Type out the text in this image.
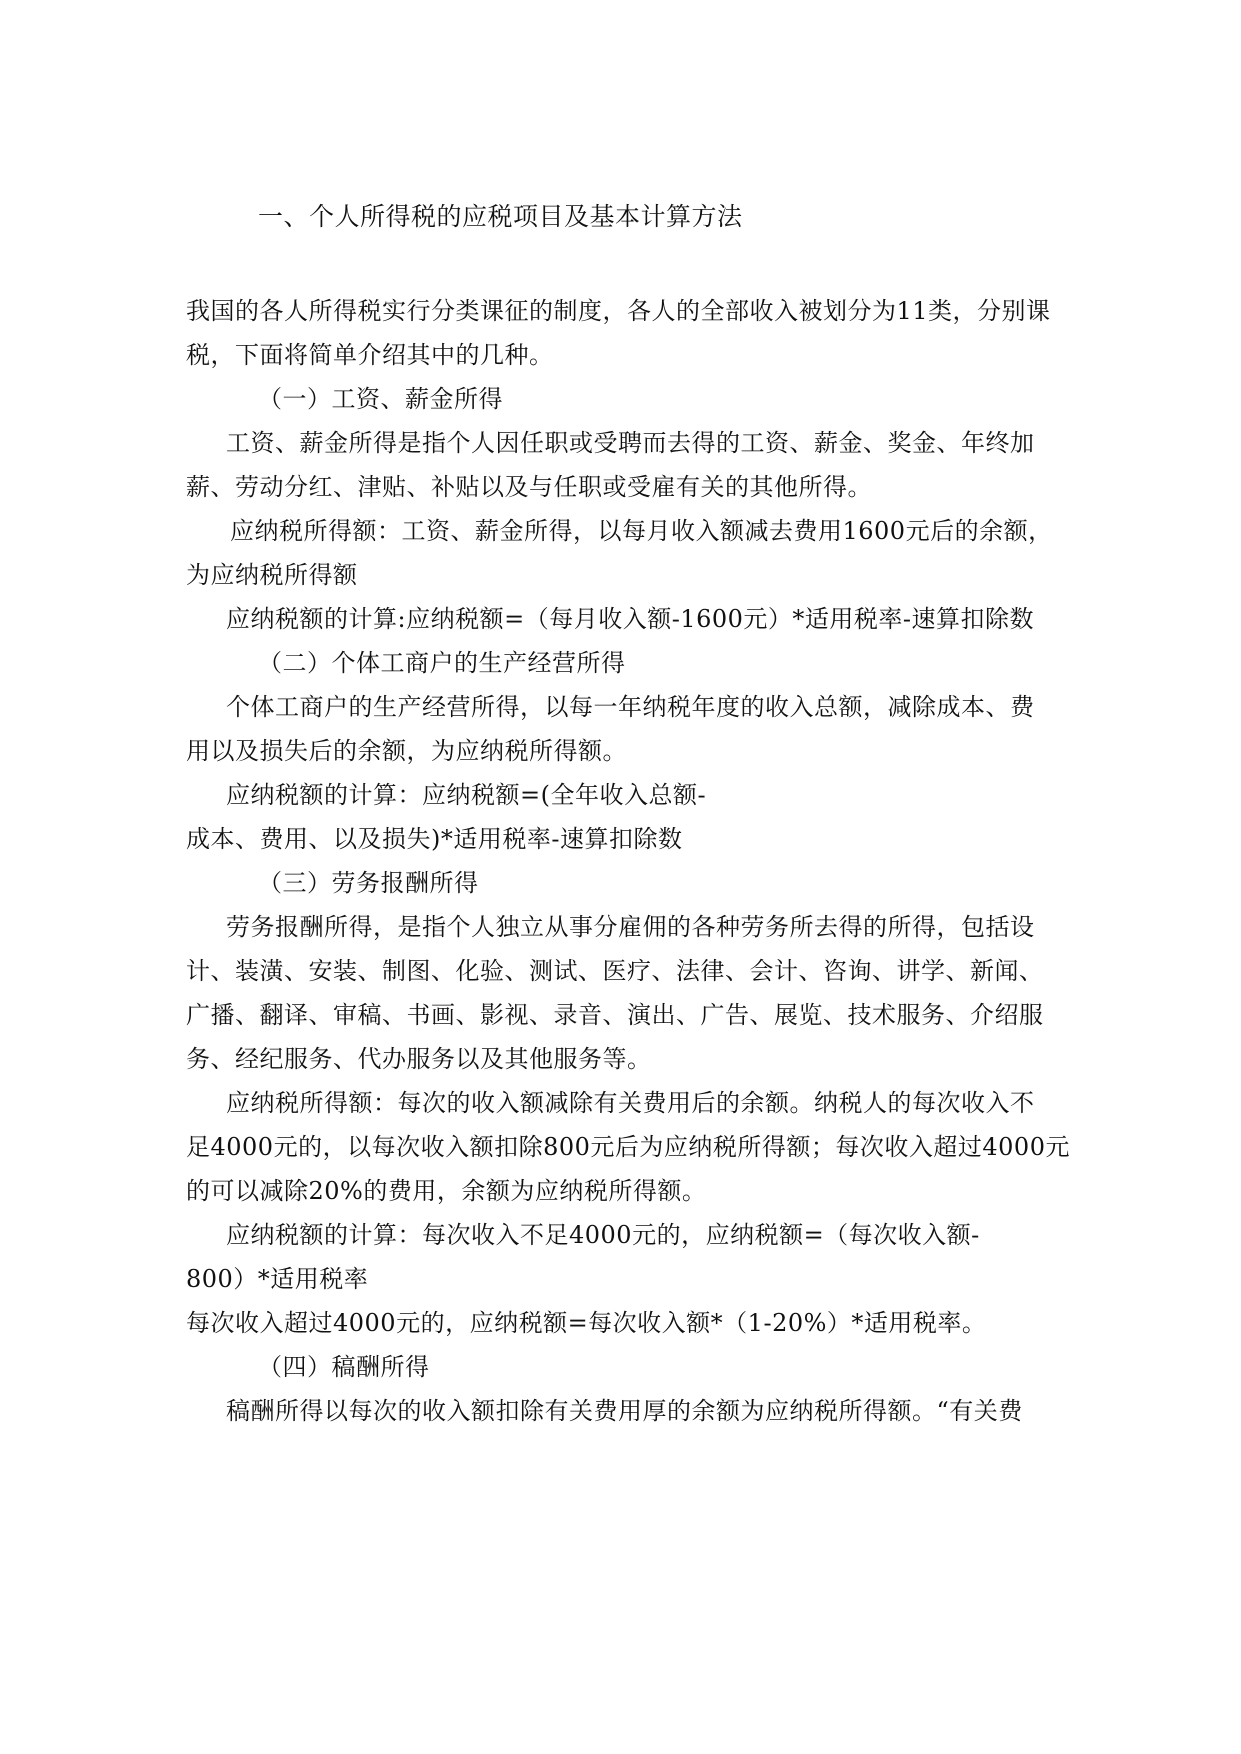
一、个人所得税的应税项目及基本计算方法
我国的各人所得税实行分类课征的制度，各人的全部收入被划分为11类，分别课
税，下面将简单介绍其中的几种。
（一）工资、薪金所得
工资、薪金所得是指个人因任职或受聘而去得的工资、薪金、奖金、年终加
薪、劳动分红、津贴、补贴以及与任职或受雇有关的其他所得。
应纳税所得额：工资、薪金所得，以每月收入额减去费用1600元后的余额，
为应纳税所得额
应纳税额的计算:应纳税额=（每月收入额-1600元）*适用税率-速算扣除数
（二）个体工商户的生产经营所得
个体工商户的生产经营所得，以每一年纳税年度的收入总额，减除成本、费
用以及损失后的余额，为应纳税所得额。
应纳税额的计算：应纳税额=(全年收入总额-
成本、费用、以及损失)*适用税率-速算扣除数
（三）劳务报酬所得
劳务报酬所得，是指个人独立从事分雇佣的各种劳务所去得的所得，包括设
计、装潢、安装、制图、化验、测试、医疗、法律、会计、咨询、讲学、新闻、
广播、翻译、审稿、书画、影视、录音、演出、广告、展览、技术服务、介绍服
务、经纪服务、代办服务以及其他服务等。
应纳税所得额：每次的收入额减除有关费用后的余额。纳税人的每次收入不
足4000元的，以每次收入额扣除800元后为应纳税所得额；每次收入超过4000元
的可以减除20%的费用，余额为应纳税所得额。
应纳税额的计算：每次收入不足4000元的，应纳税额=（每次收入额-
800）*适用税率
每次收入超过4000元的，应纳税额=每次收入额*（1-20%）*适用税率。
（四）稿酬所得
稿酬所得以每次的收入额扣除有关费用厚的余额为应纳税所得额。“有关费
